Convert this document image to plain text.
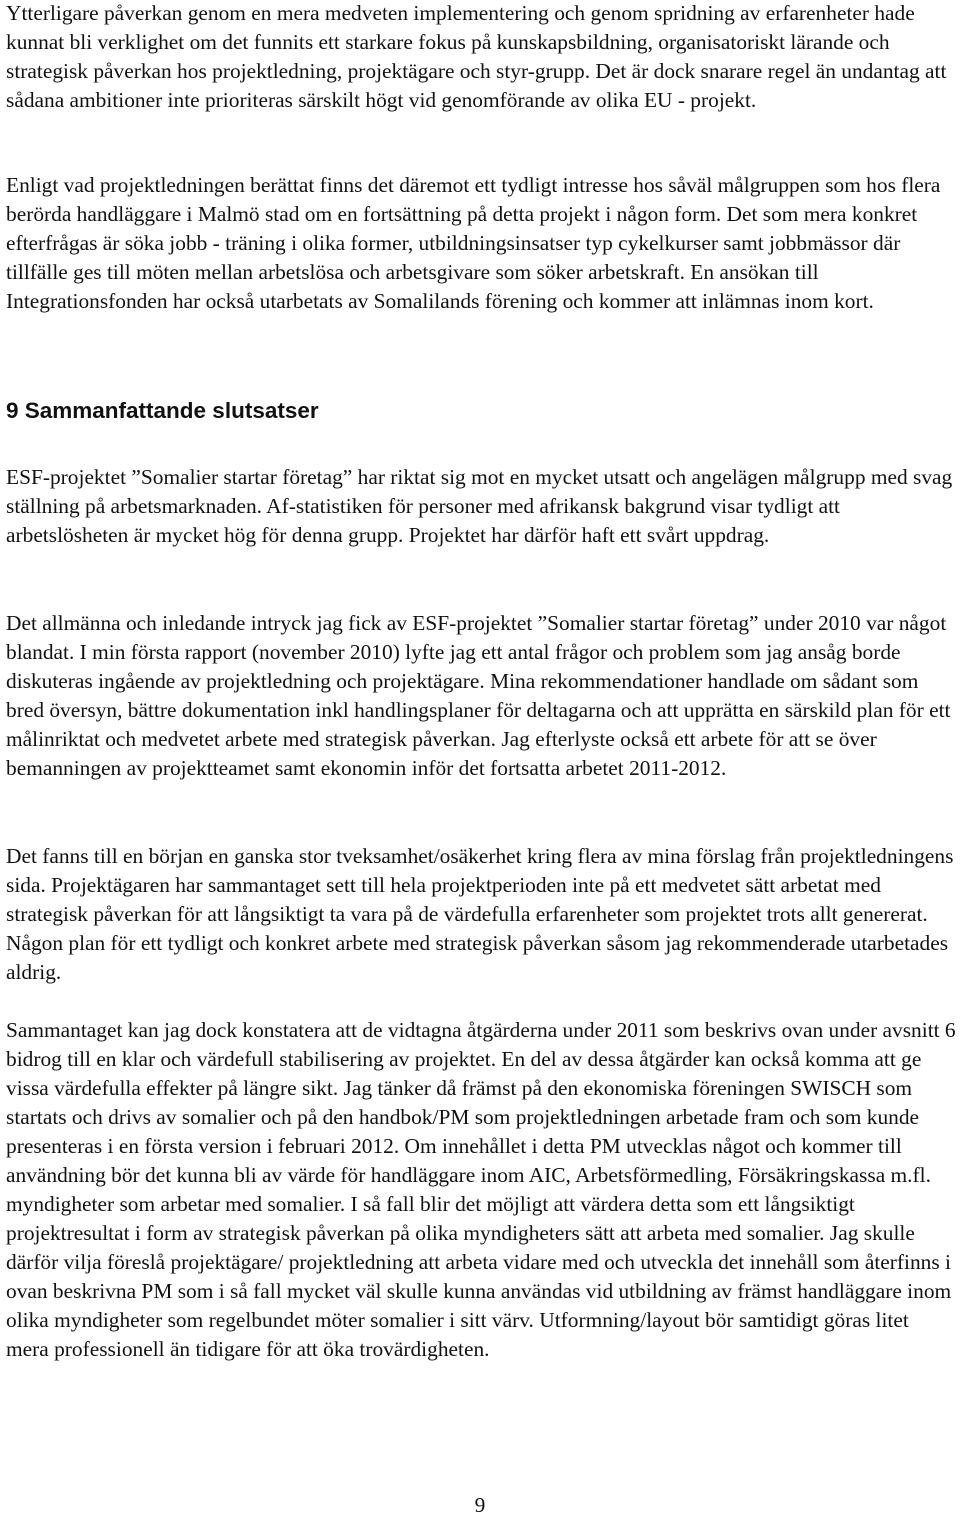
Ytterligare påverkan genom en mera medveten implementering och genom spridning av erfarenheter hade kunnat bli verklighet om det funnits ett starkare fokus på kunskapsbildning, organisatoriskt lärande och strategisk påverkan hos projektledning, projektägare och styr-grupp. Det är dock snarare regel än undantag att sådana ambitioner inte prioriteras särskilt högt vid genomförande av olika EU - projekt.

Enligt vad projektledningen berättat finns det däremot ett tydligt intresse hos såväl målgruppen som hos flera berörda handläggare i Malmö stad om en fortsättning på detta projekt i någon form. Det som mera konkret efterfrågas är söka jobb - träning i olika former, utbildningsinsatser typ cykelkurser samt jobbmässor där tillfälle ges till möten mellan arbetslösa och arbetsgivare som söker arbetskraft. En ansökan till Integrationsfonden har också utarbetats av Somalilands förening och kommer att inlämnas inom kort.

9 Sammanfattande slutsatser

ESF-projektet ”Somalier startar företag” har riktat sig mot en mycket utsatt och angelägen målgrupp med svag ställning på arbetsmarknaden. Af-statistiken för personer med afrikansk bakgrund visar tydligt att arbetslösheten är mycket hög för denna grupp. Projektet har därför haft ett svårt uppdrag.

Det allmänna och inledande intryck jag fick av ESF-projektet ”Somalier startar företag” under 2010 var något blandat. I min första rapport (november 2010) lyfte jag ett antal frågor och problem som jag ansåg borde diskuteras ingående av projektledning och projektägare. Mina rekommendationer handlade om sådant som bred översyn, bättre dokumentation inkl handlingsplaner för deltagarna och att upprätta en särskild plan för ett målinriktat och medvetet arbete med strategisk påverkan. Jag efterlyste också ett arbete för att se över bemanningen av projektteamet samt ekonomin inför det fortsatta arbetet 2011-2012.

Det fanns till en början en ganska stor tveksamhet/osäkerhet kring flera av mina förslag från projektledningens sida. Projektägaren har sammantaget sett till hela projektperioden inte på ett medvetet sätt arbetat med strategisk påverkan för att långsiktigt ta vara på de värdefulla erfarenheter som projektet trots allt genererat. Någon plan för ett tydligt och konkret arbete med strategisk påverkan såsom jag rekommenderade utarbetades aldrig.

Sammantaget kan jag dock konstatera att de vidtagna åtgärderna under 2011 som beskrivs ovan under avsnitt 6 bidrog till en klar och värdefull stabilisering av projektet. En del av dessa åtgärder kan också komma att ge vissa värdefulla effekter på längre sikt. Jag tänker då främst på den ekonomiska föreningen SWISCH som startats och drivs av somalier och på den handbok/PM som projektledningen arbetade fram och som kunde presenteras i en första version i februari 2012. Om innehållet i detta PM utvecklas något och kommer till användning bör det kunna bli av värde för handläggare inom AIC, Arbetsförmedling, Försäkringskassa m.fl. myndigheter som arbetar med somalier. I så fall blir det möjligt att värdera detta som ett långsiktigt projektresultat i form av strategisk påverkan på olika myndigheters sätt att arbeta med somalier. Jag skulle därför vilja föreslå projektägare/ projektledning att arbeta vidare med och utveckla det innehåll som återfinns i ovan beskrivna PM som i så fall mycket väl skulle kunna användas vid utbildning av främst handläggare inom olika myndigheter som regelbundet möter somalier i sitt värv. Utformning/layout bör samtidigt göras litet mera professionell än tidigare för att öka trovärdigheten.

9
